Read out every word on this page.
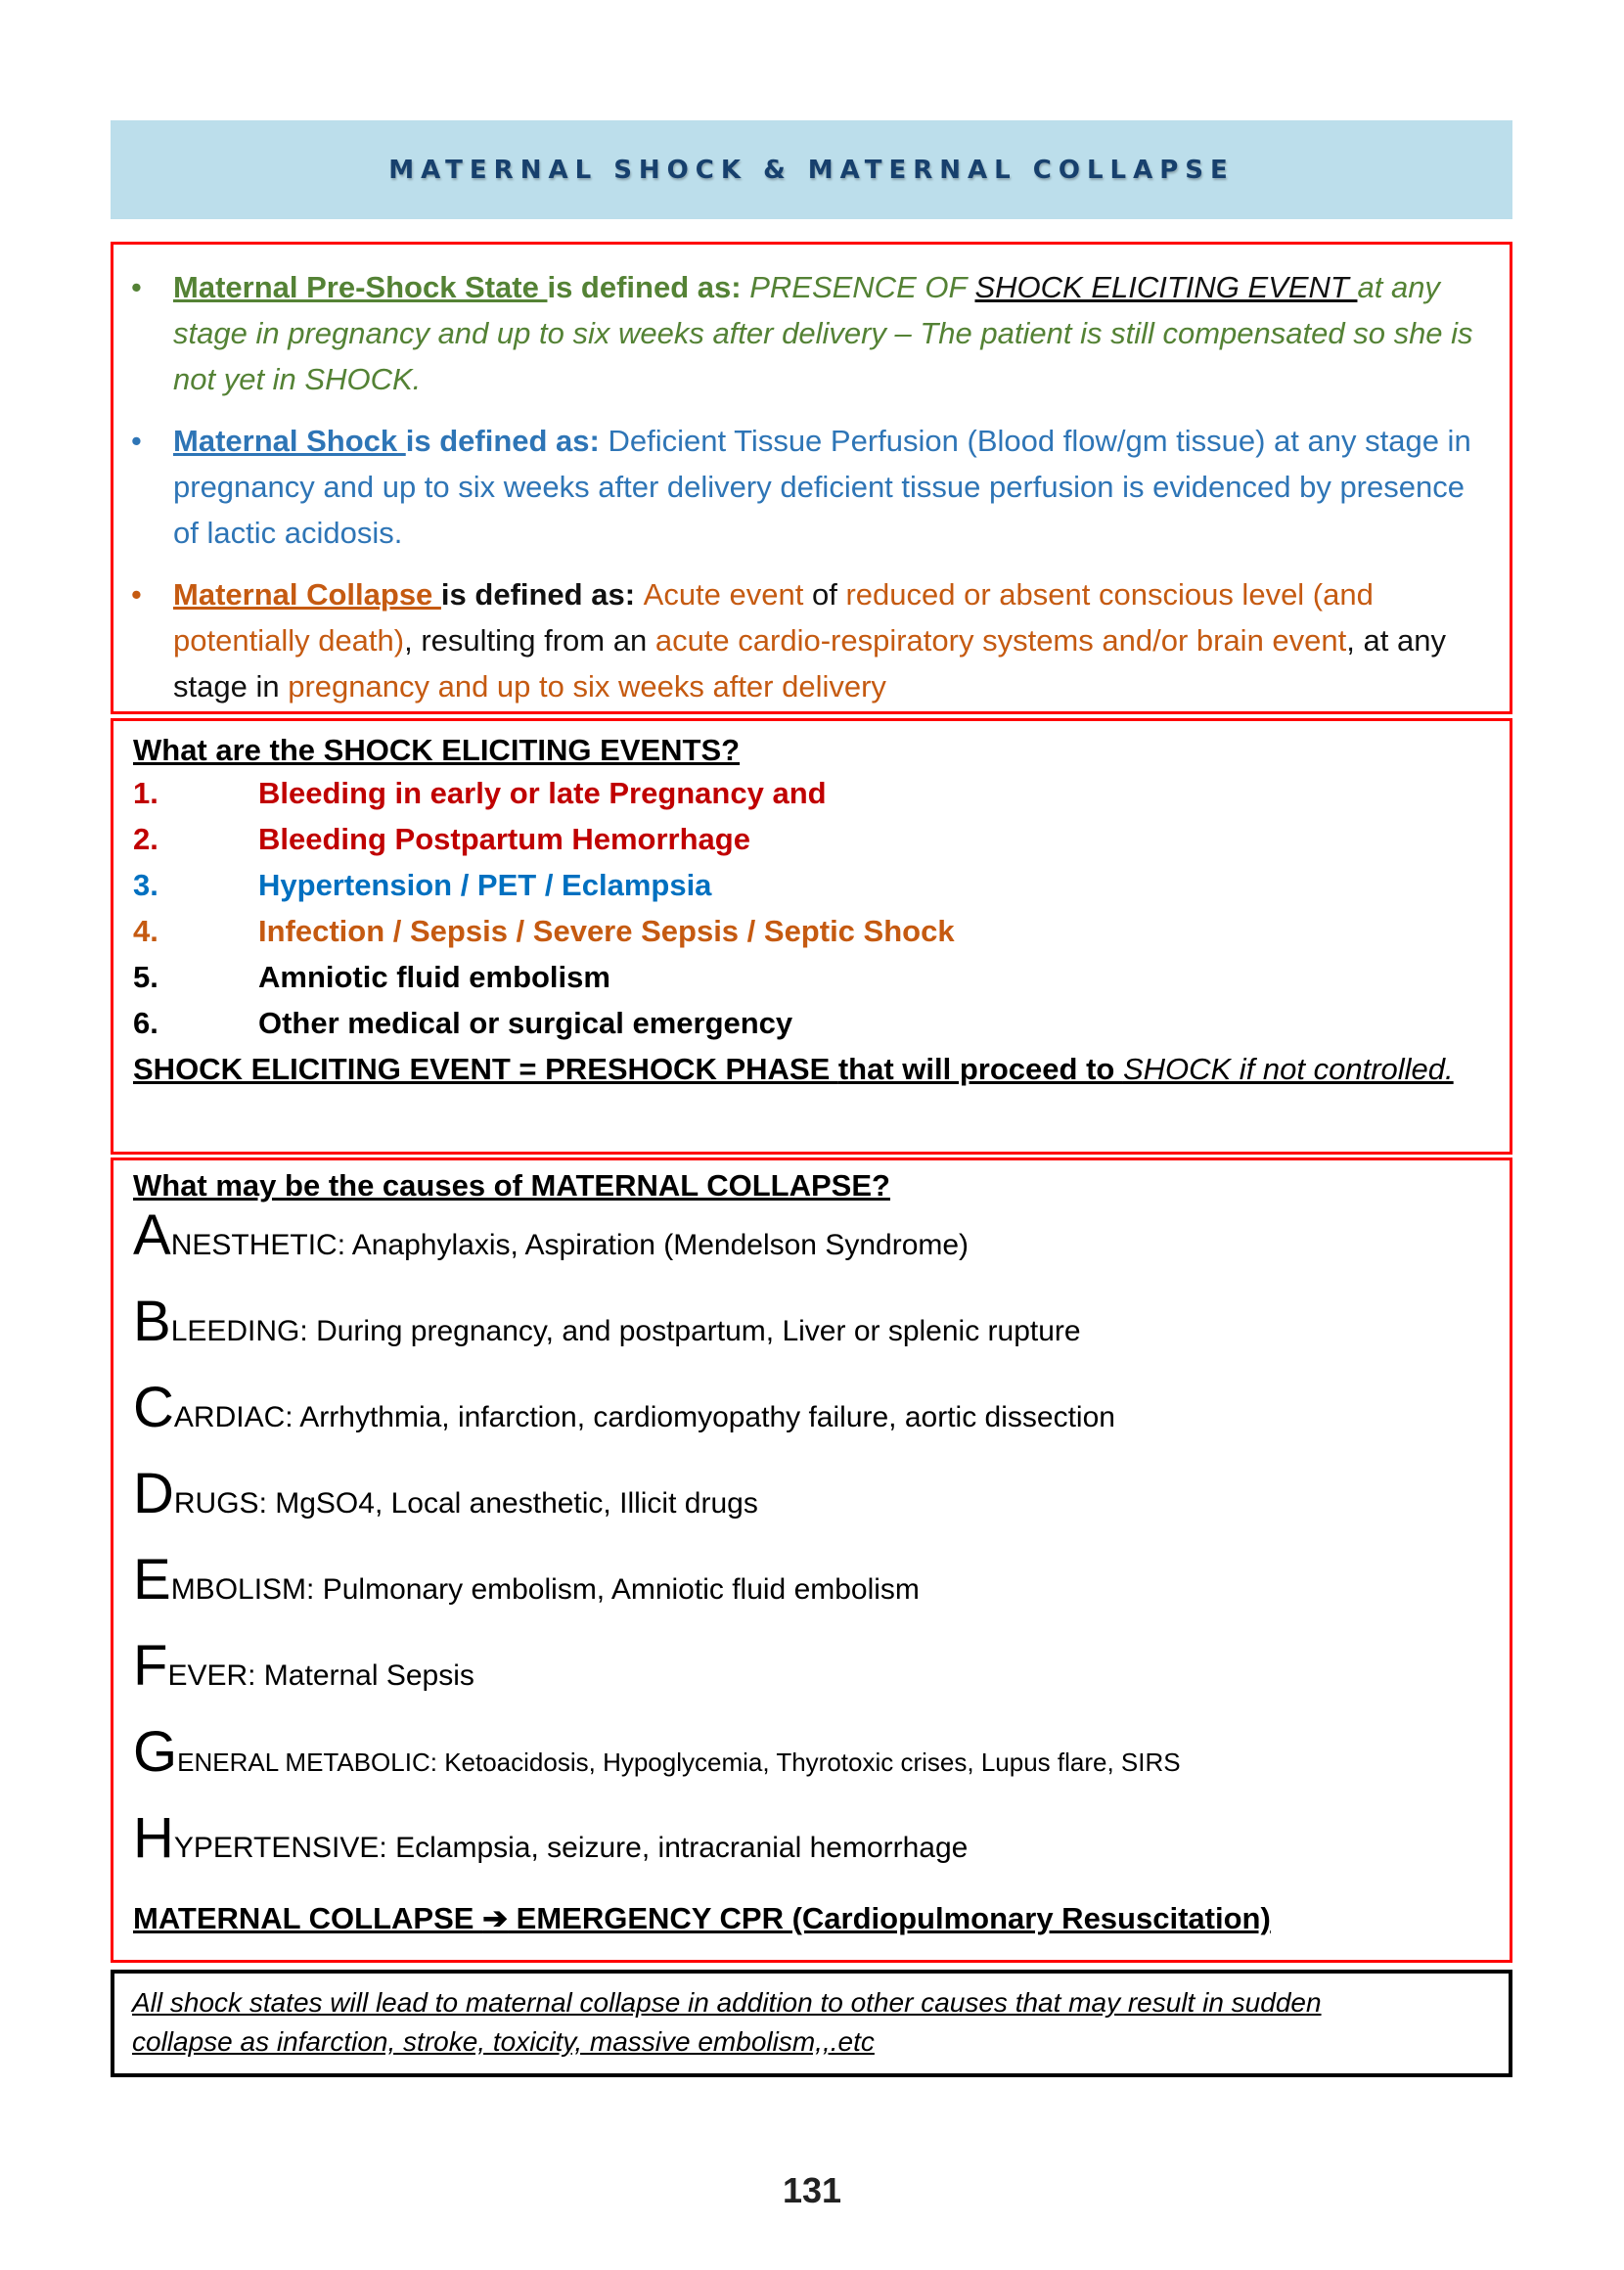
MATERNAL SHOCK & MATERNAL COLLAPSE
• Maternal Pre-Shock State is defined as: PRESENCE OF SHOCK ELICITING EVENT at any stage in pregnancy and up to six weeks after delivery – The patient is still compensated so she is not yet in SHOCK.
• Maternal Shock is defined as: Deficient Tissue Perfusion (Blood flow/gm tissue) at any stage in pregnancy and up to six weeks after delivery deficient tissue perfusion is evidenced by presence of lactic acidosis.
• Maternal Collapse is defined as: Acute event of reduced or absent conscious level (and potentially death), resulting from an acute cardio-respiratory systems and/or brain event, at any stage in pregnancy and up to six weeks after delivery
What are the SHOCK ELICITING EVENTS?
1.	Bleeding in early or late Pregnancy and
2.	Bleeding Postpartum Hemorrhage
3.	Hypertension / PET / Eclampsia
4.	Infection / Sepsis / Severe Sepsis / Septic Shock
5.	Amniotic fluid embolism
6.	Other medical or surgical emergency
SHOCK ELICITING EVENT = PRESHOCK PHASE that will proceed to SHOCK if not controlled.
What may be the causes of MATERNAL COLLAPSE?
ANESTHETIC: Anaphylaxis, Aspiration (Mendelson Syndrome)
BLEEDING: During pregnancy, and postpartum, Liver or splenic rupture
CARDIAC: Arrhythmia, infarction, cardiomyopathy failure, aortic dissection
DRUGS: MgSO4, Local anesthetic, Illicit drugs
EMBOLISM: Pulmonary embolism, Amniotic fluid embolism
FEVER: Maternal Sepsis
GENERAL METABOLIC: Ketoacidosis, Hypoglycemia, Thyrotoxic crises, Lupus flare, SIRS
HYPERTENSIVE: Eclampsia, seizure, intracranial hemorrhage
MATERNAL COLLAPSE ➔ EMERGENCY CPR (Cardiopulmonary Resuscitation)
All shock states will lead to maternal collapse in addition to other causes that may result in sudden
collapse as infarction, stroke, toxicity, massive embolism,,.etc
131
